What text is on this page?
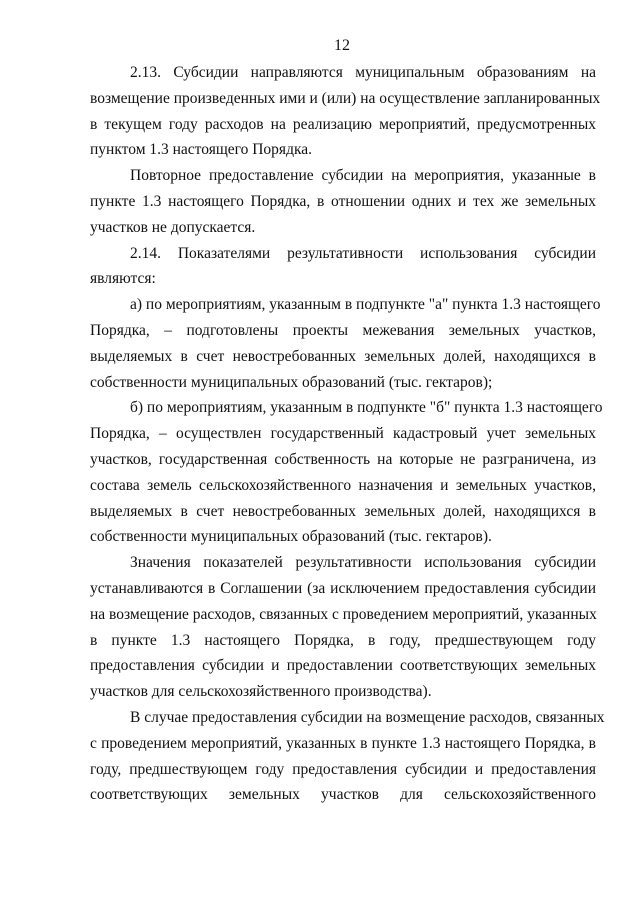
12

2.13. Субсидии направляются муниципальным образованиям на
возмещение произведенных ими и (или) на осуществление запланированных
в текущем году расходов на реализацию мероприятий, предусмотренных
пунктом 1.3 настоящего Порядка.

Повторное предоставление субсидии на мероприятия, указанные в
пункте 1.3 настоящего Порядка, в отношении одних и тех же земельных
участков не допускается.

2.14. Показателями результативности использования субсидии
являются:

а) по мероприятиям, указанным в подпункте "а" пункта 1.3 настоящего
Порядка, – подготовлены проекты межевания земельных участков,
выделяемых в счет невостребованных земельных долей, находящихся в
собственности муниципальных образований (тыс. гектаров);

б) по мероприятиям, указанным в подпункте "б" пункта 1.3 настоящего
Порядка, – осуществлен государственный кадастровый учет земельных
участков, государственная собственность на которые не разграничена, из
состава земель сельскохозяйственного назначения и земельных участков,
выделяемых в счет невостребованных земельных долей, находящихся в
собственности муниципальных образований (тыс. гектаров).

Значения показателей результативности использования субсидии
устанавливаются в Соглашении (за исключением предоставления субсидии
на возмещение расходов, связанных с проведением мероприятий, указанных
в пункте 1.3 настоящего Порядка, в году, предшествующем году
предоставления субсидии и предоставлении соответствующих земельных
участков для сельскохозяйственного производства).

В случае предоставления субсидии на возмещение расходов, связанных
с проведением мероприятий, указанных в пункте 1.3 настоящего Порядка, в
году, предшествующем году предоставления субсидии и предоставления
соответствующих земельных участков для сельскохозяйственного
